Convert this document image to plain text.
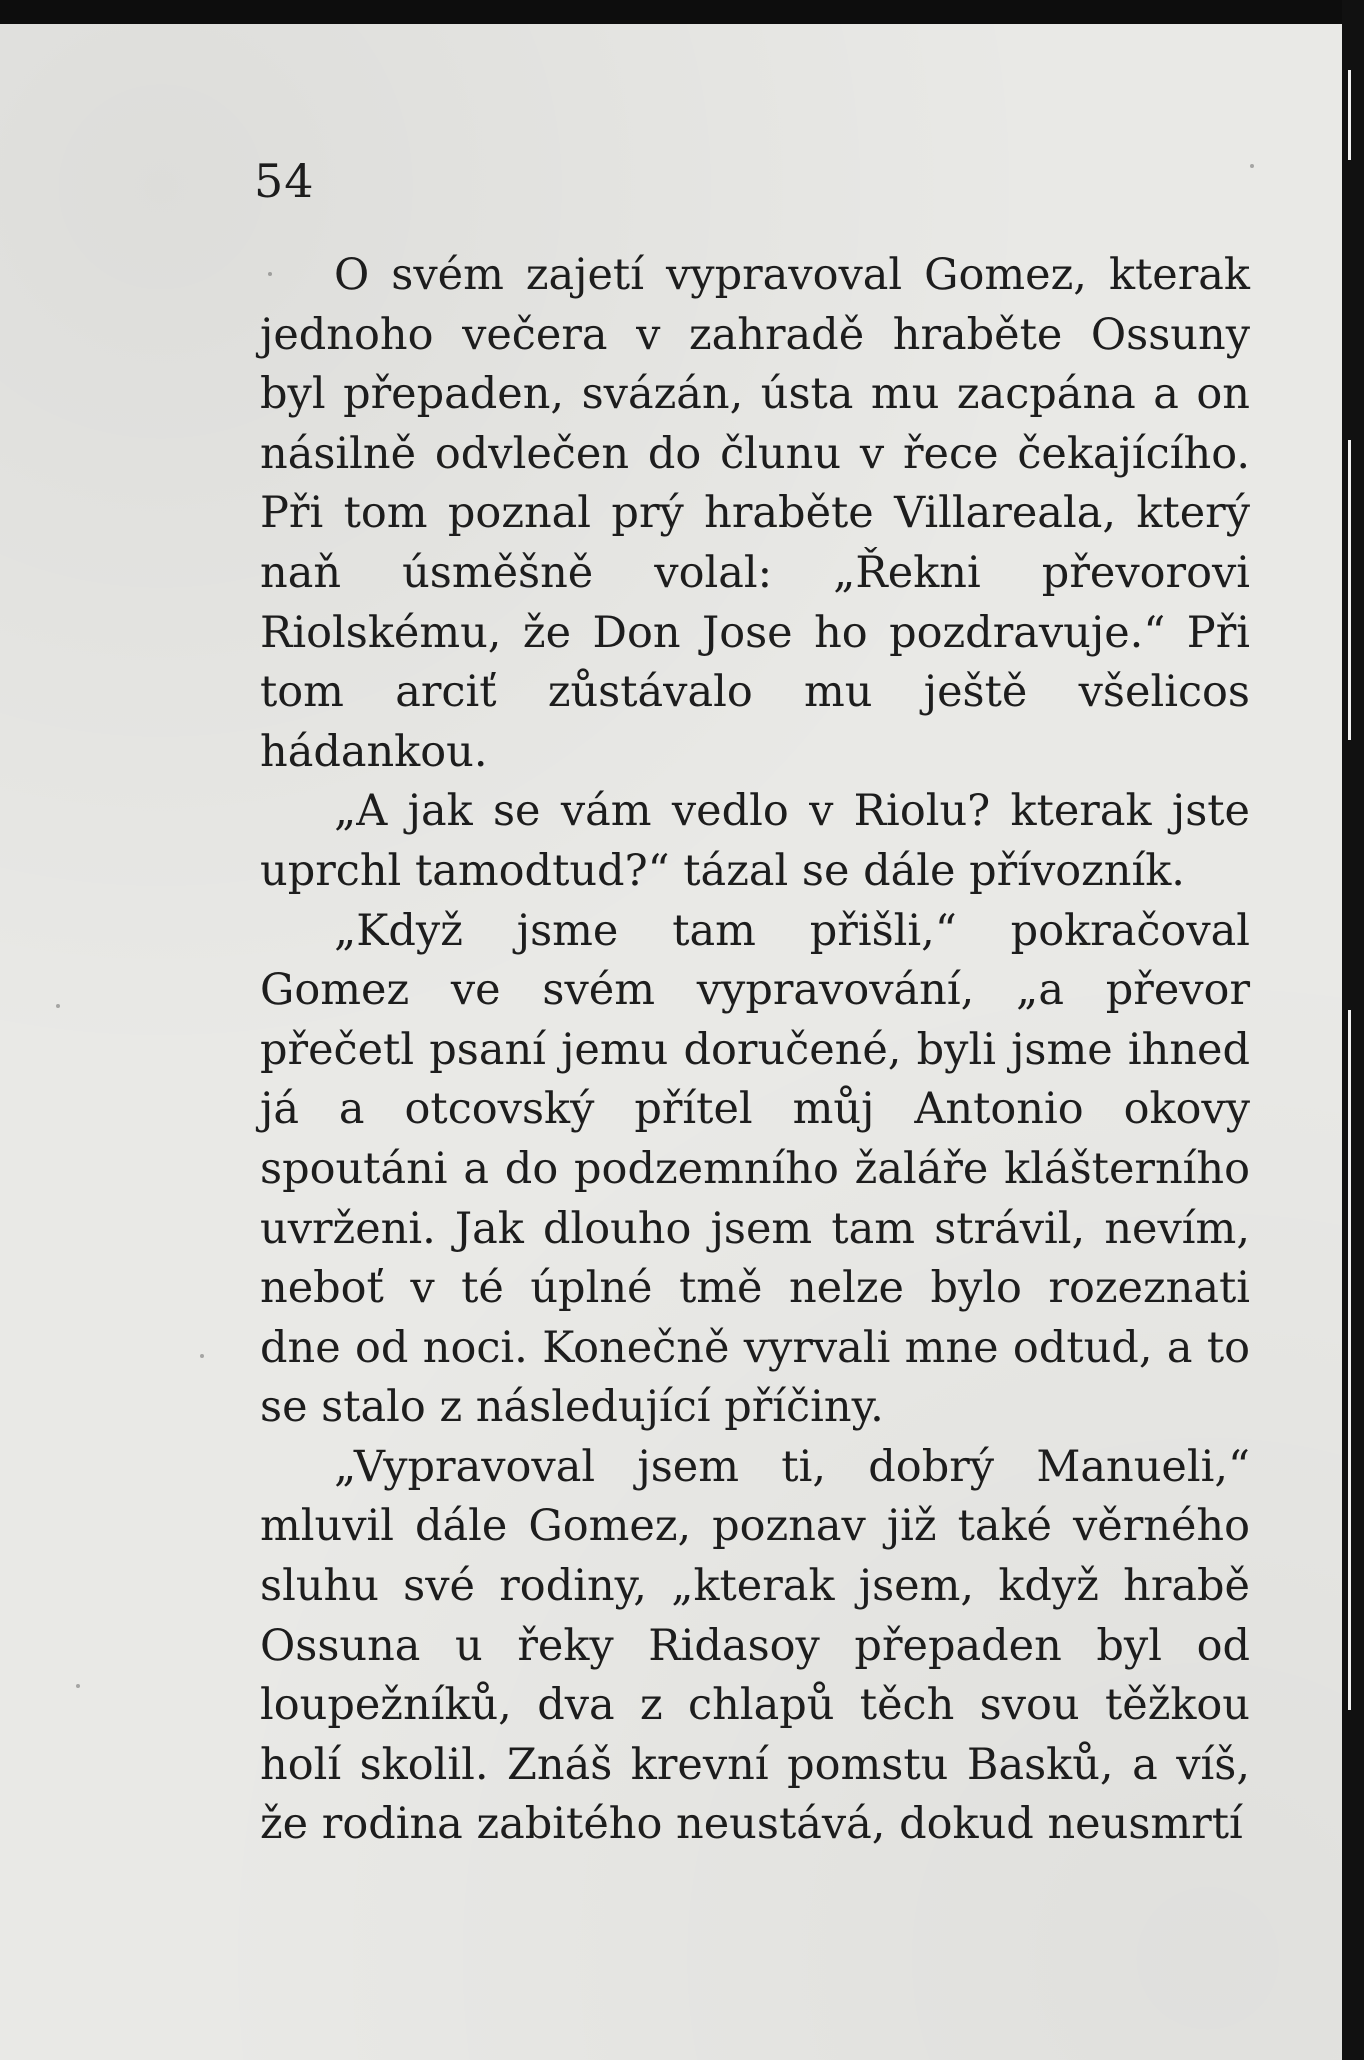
54

O svém zajetí vypravoval Gomez, kterak jednoho večera v zahradě hraběte Ossuny byl přepaden, svázán, ústa mu zacpána a on násilně odvlečen do člunu v řece čekajícího. Při tom poznal prý hraběte Villareala, který naň úsměšně volal: „Řekni převorovi Riolskému, že Don Jose ho pozdravuje.“ Při tom arciť zůstávalo mu ještě všelicos hádankou.

„A jak se vám vedlo v Riolu? kterak jste uprchl tamodtud?“ tázal se dále přívozník.

„Když jsme tam přišli,“ pokračoval Gomez ve svém vypravování, „a převor přečetl psaní jemu doručené, byli jsme ihned já a otcovský přítel můj Antonio okovy spoutáni a do podzemního žaláře klášterního uvrženi. Jak dlouho jsem tam strávil, nevím, neboť v té úplné tmě nelze bylo rozeznati dne od noci. Konečně vyrvali mne odtud, a to se stalo z následující příčiny.

„Vypravoval jsem ti, dobrý Manueli,“ mluvil dále Gomez, poznav již také věrného sluhu své rodiny, „kterak jsem, když hrabě Ossuna u řeky Ridasoy přepaden byl od loupežníků, dva z chlapů těch svou těžkou holí skolil. Znáš krevní pomstu Basků, a víš, že rodina zabitého neustává, dokud neusmrtí
